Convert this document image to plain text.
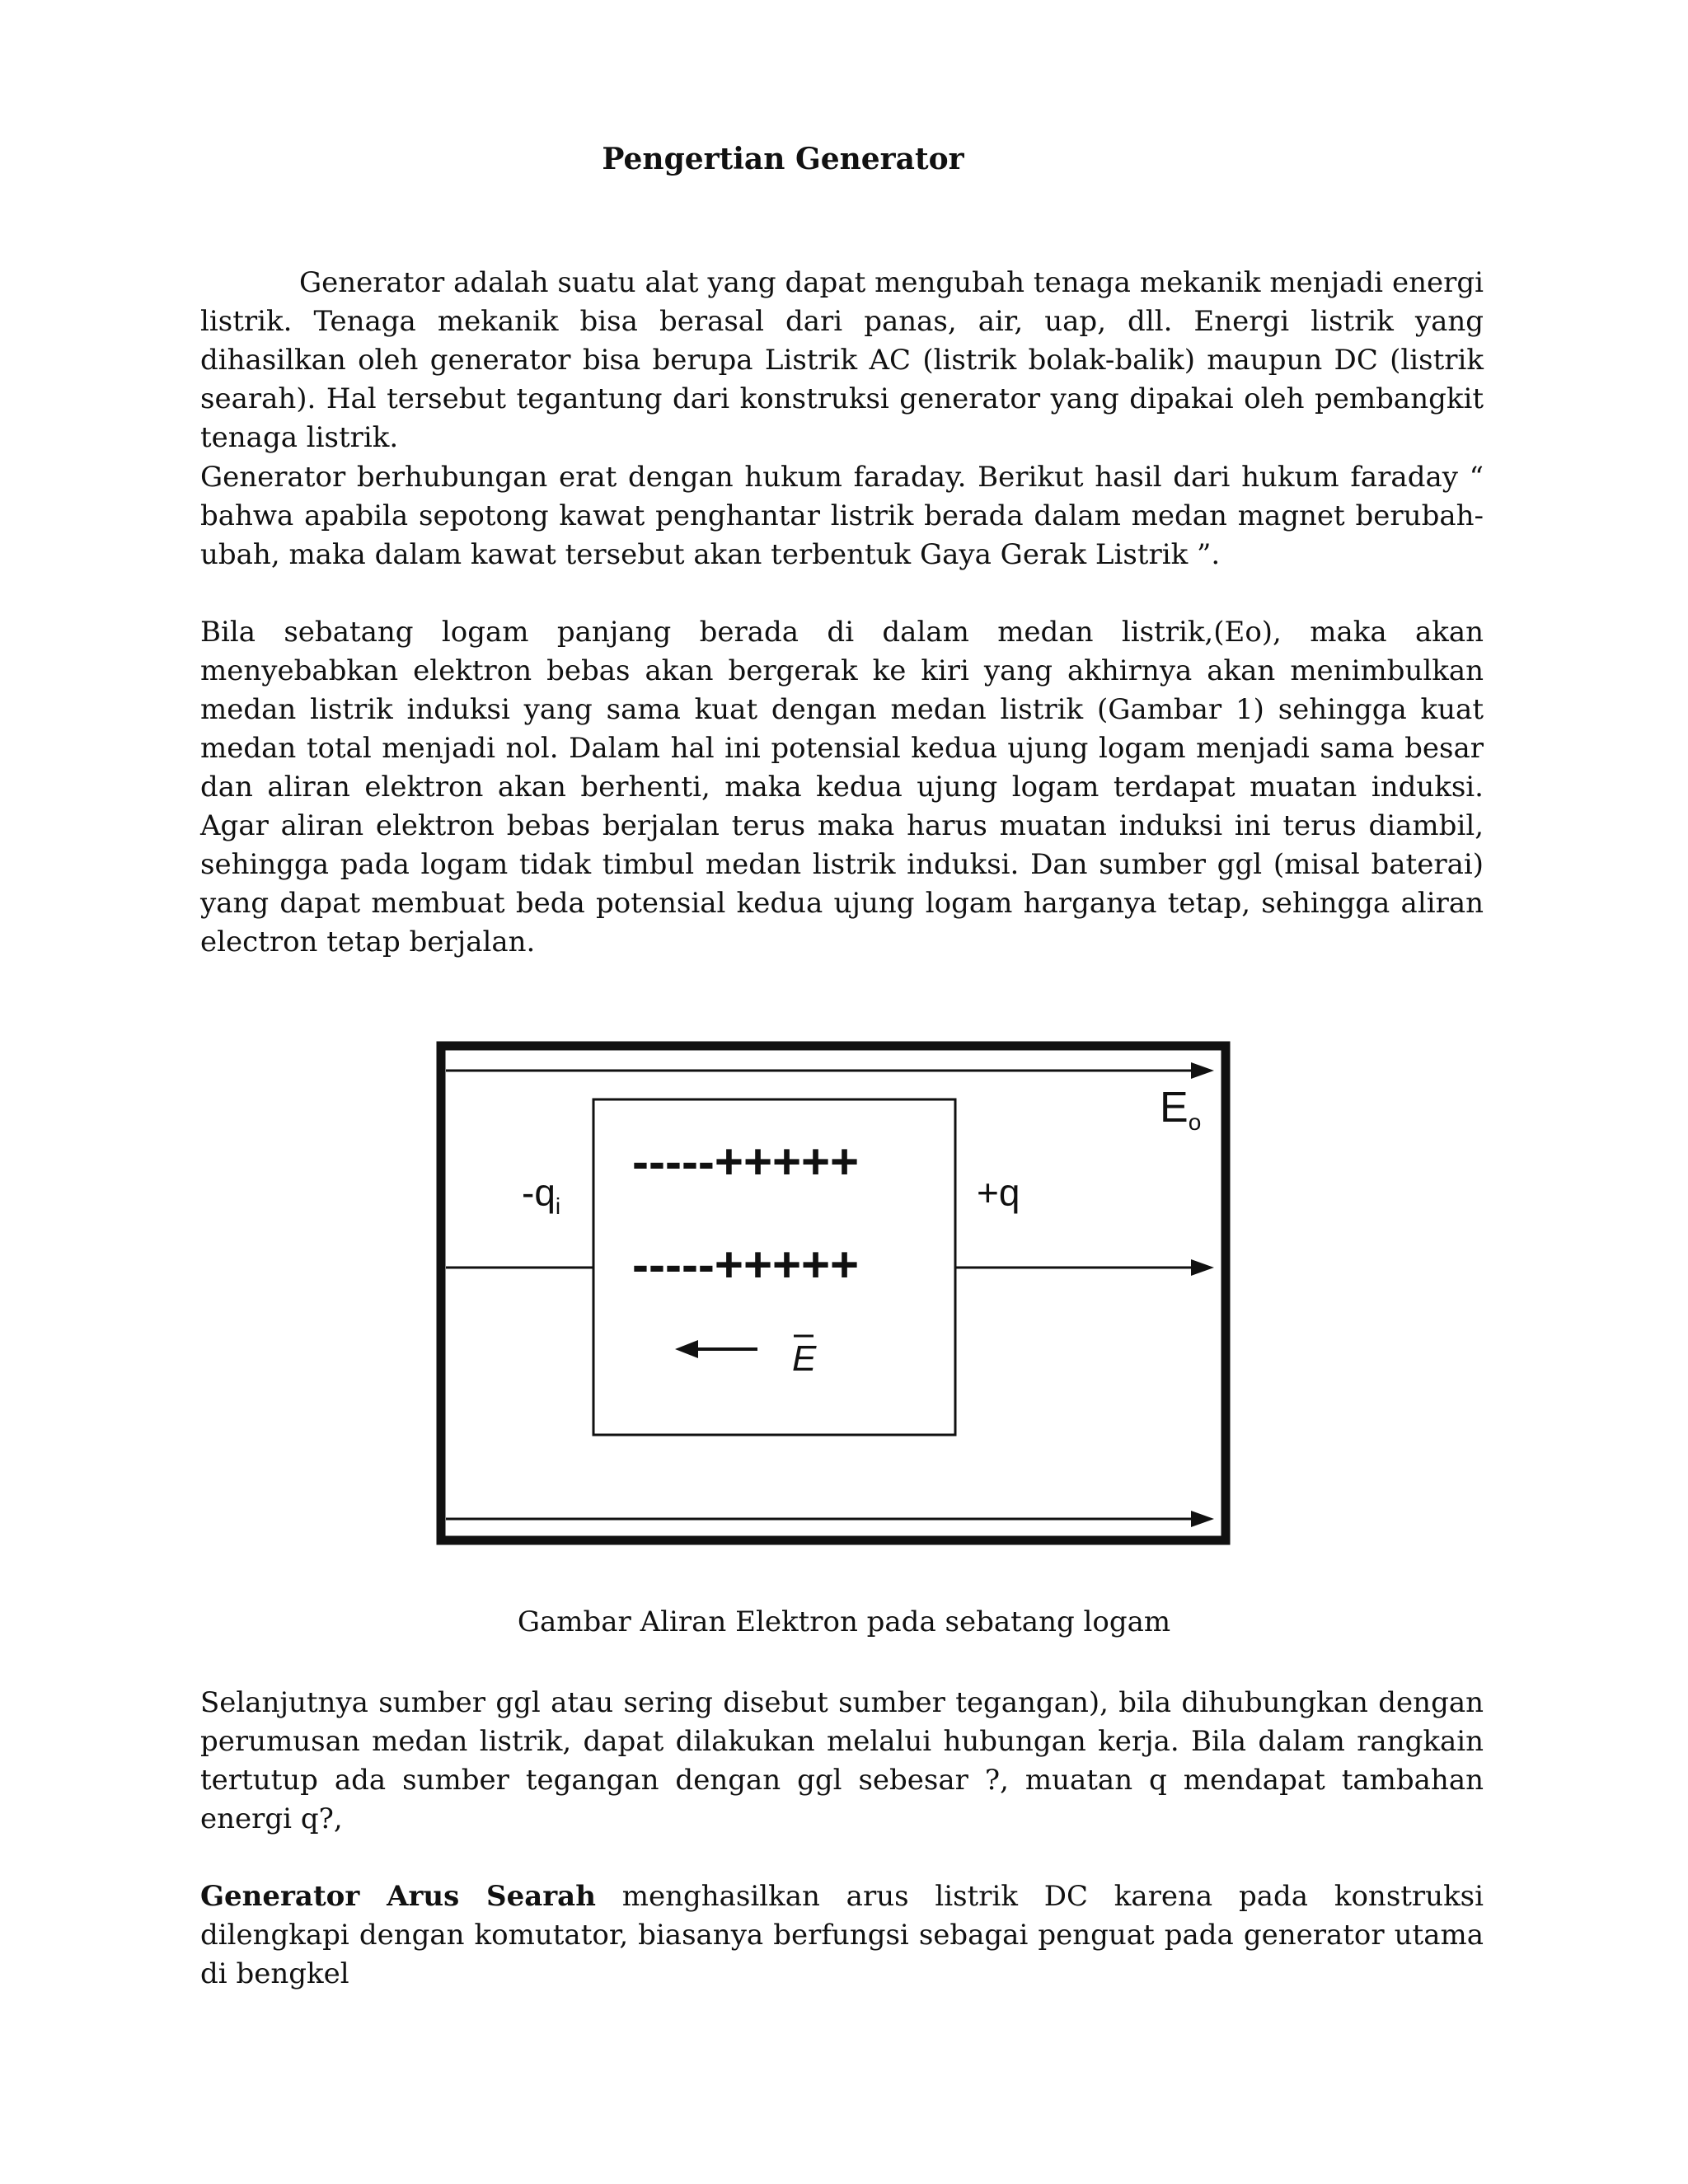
Pengertian Generator

Generator adalah suatu alat yang dapat mengubah tenaga mekanik menjadi energi listrik. Tenaga mekanik bisa berasal dari panas, air, uap, dll. Energi listrik yang dihasilkan oleh generator bisa berupa Listrik AC (listrik bolak-balik) maupun DC (listrik searah). Hal tersebut tegantung dari konstruksi generator yang dipakai oleh pembangkit tenaga listrik.

Generator berhubungan erat dengan hukum faraday. Berikut hasil dari hukum faraday “ bahwa apabila sepotong kawat penghantar listrik berada dalam medan magnet berubah-ubah, maka dalam kawat tersebut akan terbentuk Gaya Gerak Listrik ”.

Bila sebatang logam panjang berada di dalam medan listrik,(Eo), maka akan menyebabkan elektron bebas akan bergerak ke kiri yang akhirnya akan menimbulkan medan listrik induksi yang sama kuat dengan medan listrik (Gambar 1) sehingga kuat medan total menjadi nol. Dalam hal ini potensial kedua ujung logam menjadi sama besar dan aliran elektron akan berhenti, maka kedua ujung logam terdapat muatan induksi. Agar aliran elektron bebas berjalan terus maka harus muatan induksi ini terus diambil, sehingga pada logam tidak timbul medan listrik induksi. Dan sumber ggl (misal baterai) yang dapat membuat beda potensial kedua ujung logam harganya tetap, sehingga aliran electron tetap berjalan.

Eo
$-q_i$	+q
-----+++++
-----+++++
E

Gambar Aliran Elektron pada sebatang logam

Selanjutnya sumber ggl atau sering disebut sumber tegangan), bila dihubungkan dengan perumusan medan listrik, dapat dilakukan melalui hubungan kerja. Bila dalam rangkain tertutup ada sumber tegangan dengan ggl sebesar ?, muatan q mendapat tambahan energi q?,

Generator Arus Searah menghasilkan arus listrik DC karena pada konstruksi dilengkapi dengan komutator, biasanya berfungsi sebagai penguat pada generator utama di bengkel
